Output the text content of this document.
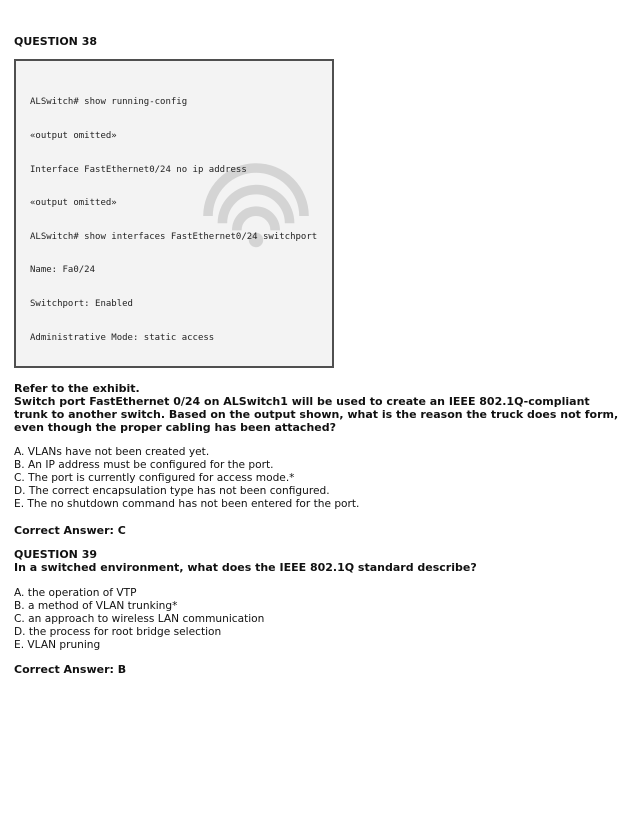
QUESTION 38

ALSwitch# show running-config

«output omitted»

Interface FastEthernet0/24 no ip address

«output omitted»

ALSwitch# show interfaces FastEthernet0/24 switchport

Name: Fa0/24

Switchport: Enabled

Administrative Mode: static access

Refer to the exhibit.
Switch port FastEthernet 0/24 on ALSwitch1 will be used to create an IEEE 802.1Q-compliant trunk to another switch. Based on the output shown, what is the reason the truck does not form, even though the proper cabling has been attached?
A. VLANs have not been created yet.
B. An IP address must be configured for the port.
C. The port is currently configured for access mode.*
D. The correct encapsulation type has not been configured.
E. The no shutdown command has not been entered for the port.
Correct Answer: C
QUESTION 39
In a switched environment, what does the IEEE 802.1Q standard describe?
A. the operation of VTP
B. a method of VLAN trunking*
C. an approach to wireless LAN communication
D. the process for root bridge selection
E. VLAN pruning
Correct Answer: B
